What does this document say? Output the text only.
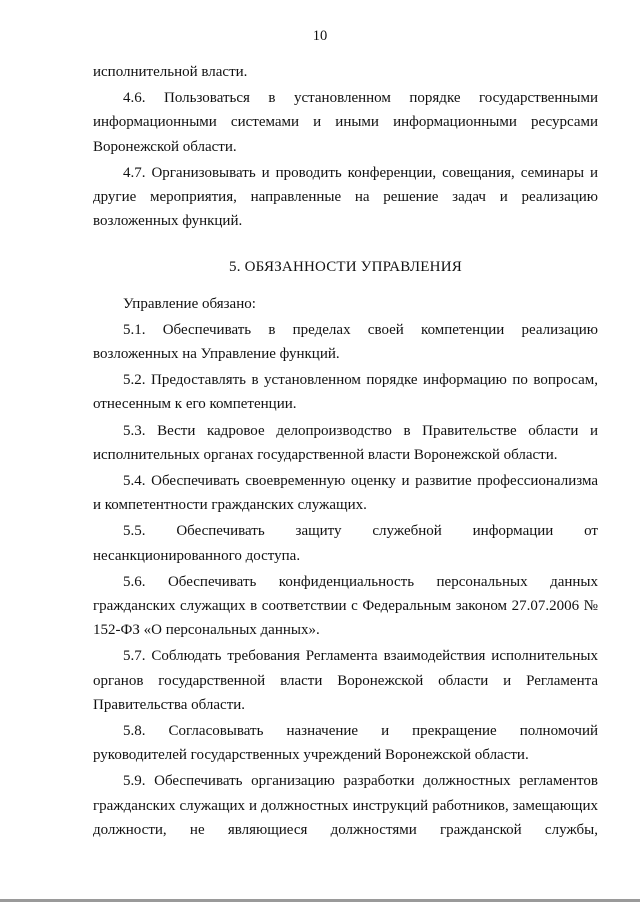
10

исполнительной власти.

4.6. Пользоваться в установленном порядке государственными информационными системами и иными информационными ресурсами Воронежской области.

4.7. Организовывать и проводить конференции, совещания, семинары и другие мероприятия, направленные на решение задач и реализацию возложенных функций.

5. ОБЯЗАННОСТИ УПРАВЛЕНИЯ

Управление обязано:

5.1. Обеспечивать в пределах своей компетенции реализацию возложенных на Управление функций.

5.2. Предоставлять в установленном порядке информацию по вопросам, отнесенным к его компетенции.

5.3. Вести кадровое делопроизводство в Правительстве области и исполнительных органах государственной власти Воронежской области.

5.4. Обеспечивать своевременную оценку и развитие профессионализма и компетентности гражданских служащих.

5.5. Обеспечивать защиту служебной информации от несанкционированного доступа.

5.6. Обеспечивать конфиденциальность персональных данных гражданских служащих в соответствии с Федеральным законом 27.07.2006 № 152-ФЗ «О персональных данных».

5.7. Соблюдать требования Регламента взаимодействия исполнительных органов государственной власти Воронежской области и Регламента Правительства области.

5.8. Согласовывать назначение и прекращение полномочий руководителей государственных учреждений Воронежской области.

5.9. Обеспечивать организацию разработки должностных регламентов гражданских служащих и должностных инструкций работников, замещающих должности, не являющиеся должностями гражданской службы,
